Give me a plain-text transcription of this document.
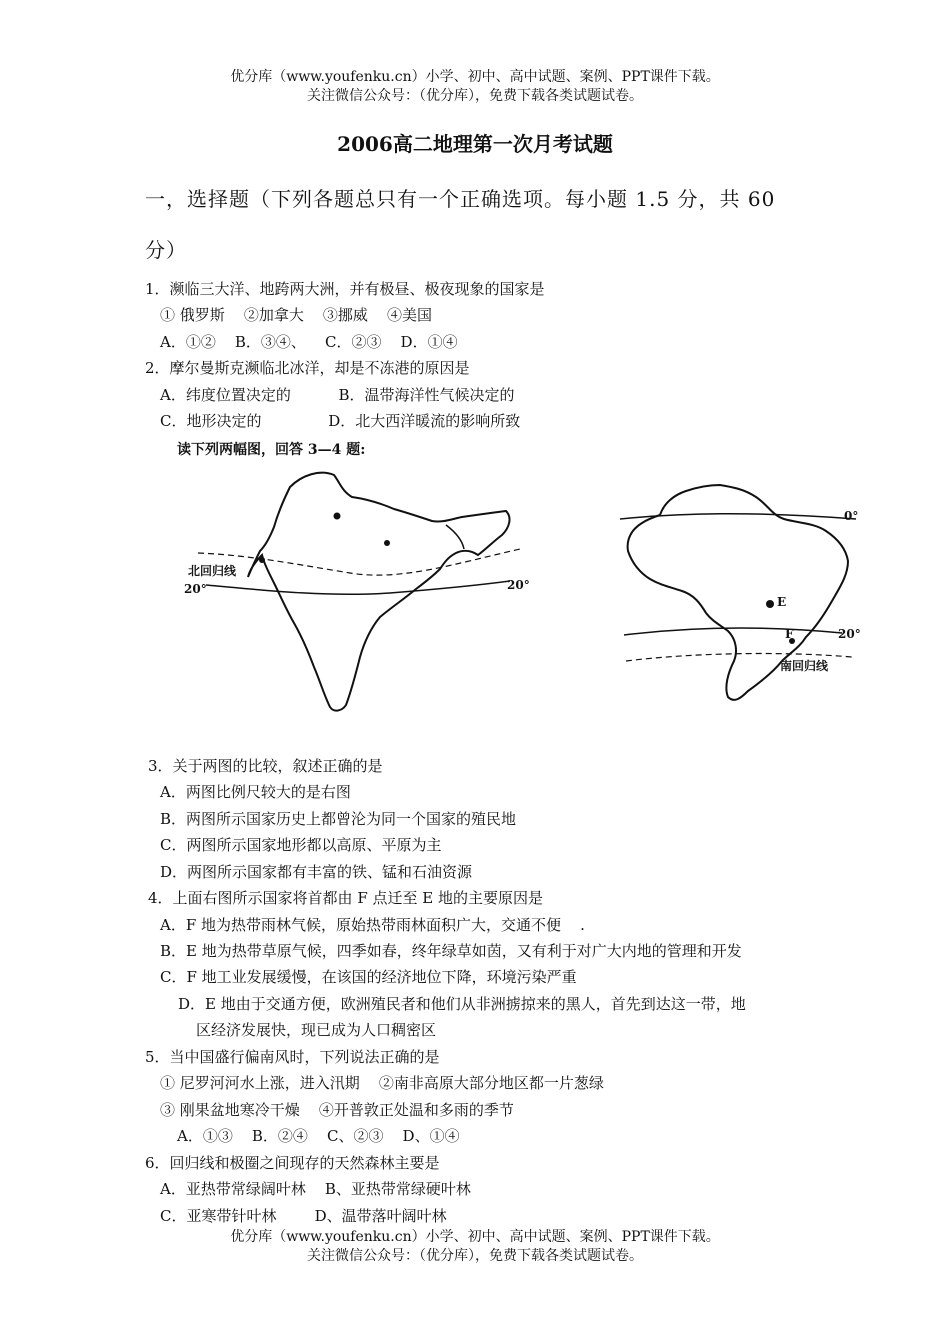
优分库（www.youfenku.cn）小学、初中、高中试题、案例、PPT课件下载。
关注微信公众号：（优分库），免费下载各类试题试卷。
2006高二地理第一次月考试题
一，选择题（下列各题总只有一个正确选项。每小题 1.5 分，共 60
分）
1．濒临三大洋、地跨两大洲，并有极昼、极夜现象的国家是
① 俄罗斯    ②加拿大    ③挪威    ④美国
A．①②    B．③④、    C．②③    D．①④
2．摩尔曼斯克濒临北冰洋，却是不冻港的原因是
A．纬度位置决定的          B．温带海洋性气候决定的
C．地形决定的              D．北大西洋暖流的影响所致
读下列两幅图，回答 3—4 题:
北回归线
20°	20°
0°
E
F	20°
南回归线
3．关于两图的比较，叙述正确的是
A．两图比例尺较大的是右图
B．两图所示国家历史上都曾沦为同一个国家的殖民地
C．两图所示国家地形都以高原、平原为主
D．两图所示国家都有丰富的铁、锰和石油资源
4．上面右图所示国家将首都由 F 点迁至 E 地的主要原因是
A．F 地为热带雨林气候，原始热带雨林面积广大，交通不便    .
B．E 地为热带草原气候，四季如春，终年绿草如茵，又有利于对广大内地的管理和开发
C．F 地工业发展缓慢，在该国的经济地位下降，环境污染严重
D．E 地由于交通方便，欧洲殖民者和他们从非洲掳掠来的黑人，首先到达这一带，地
区经济发展快，现已成为人口稠密区
5．当中国盛行偏南风时，下列说法正确的是
① 尼罗河河水上涨，进入汛期    ②南非高原大部分地区都一片葱绿
③ 刚果盆地寒冷干燥    ④开普敦正处温和多雨的季节
A．①③    B．②④    C、②③    D、①④
6．回归线和极圈之间现存的天然森林主要是
A．亚热带常绿阔叶林    B、亚热带常绿硬叶林
C．亚寒带针叶林        D、温带落叶阔叶林
优分库（www.youfenku.cn）小学、初中、高中试题、案例、PPT课件下载。
关注微信公众号：（优分库），免费下载各类试题试卷。
